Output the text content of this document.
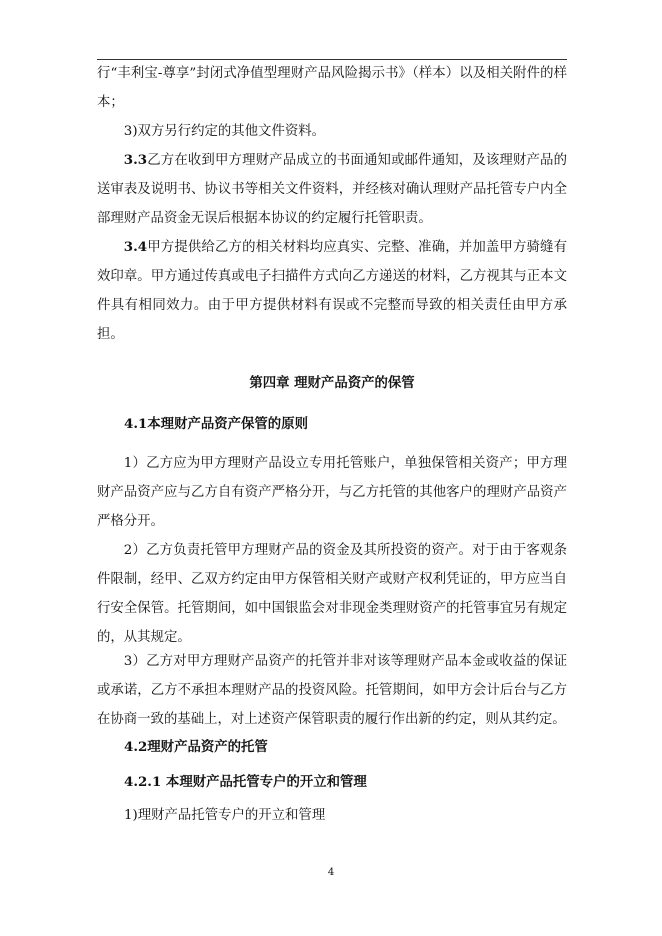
行“丰利宝-尊享”封闭式净值型理财产品风险揭示书》（样本）以及相关附件的样本；

3)双方另行约定的其他文件资料。

3.3乙方在收到甲方理财产品成立的书面通知或邮件通知，及该理财产品的送审表及说明书、协议书等相关文件资料，并经核对确认理财产品托管专户内全部理财产品资金无误后根据本协议的约定履行托管职责。

3.4甲方提供给乙方的相关材料均应真实、完整、准确，并加盖甲方骑缝有效印章。甲方通过传真或电子扫描件方式向乙方递送的材料，乙方视其与正本文件具有相同效力。由于甲方提供材料有误或不完整而导致的相关责任由甲方承担。

第四章 理财产品资产的保管

4.1本理财产品资产保管的原则

1）乙方应为甲方理财产品设立专用托管账户，单独保管相关资产；甲方理财产品资产应与乙方自有资产严格分开，与乙方托管的其他客户的理财产品资产严格分开。

2）乙方负责托管甲方理财产品的资金及其所投资的资产。对于由于客观条件限制，经甲、乙双方约定由甲方保管相关财产或财产权利凭证的，甲方应当自行安全保管。托管期间，如中国银监会对非现金类理财资产的托管事宜另有规定的，从其规定。

3）乙方对甲方理财产品资产的托管并非对该等理财产品本金或收益的保证或承诺，乙方不承担本理财产品的投资风险。托管期间，如甲方会计后台与乙方在协商一致的基础上，对上述资产保管职责的履行作出新的约定，则从其约定。

4.2理财产品资产的托管

4.2.1 本理财产品托管专户的开立和管理

1)理财产品托管专户的开立和管理

4
